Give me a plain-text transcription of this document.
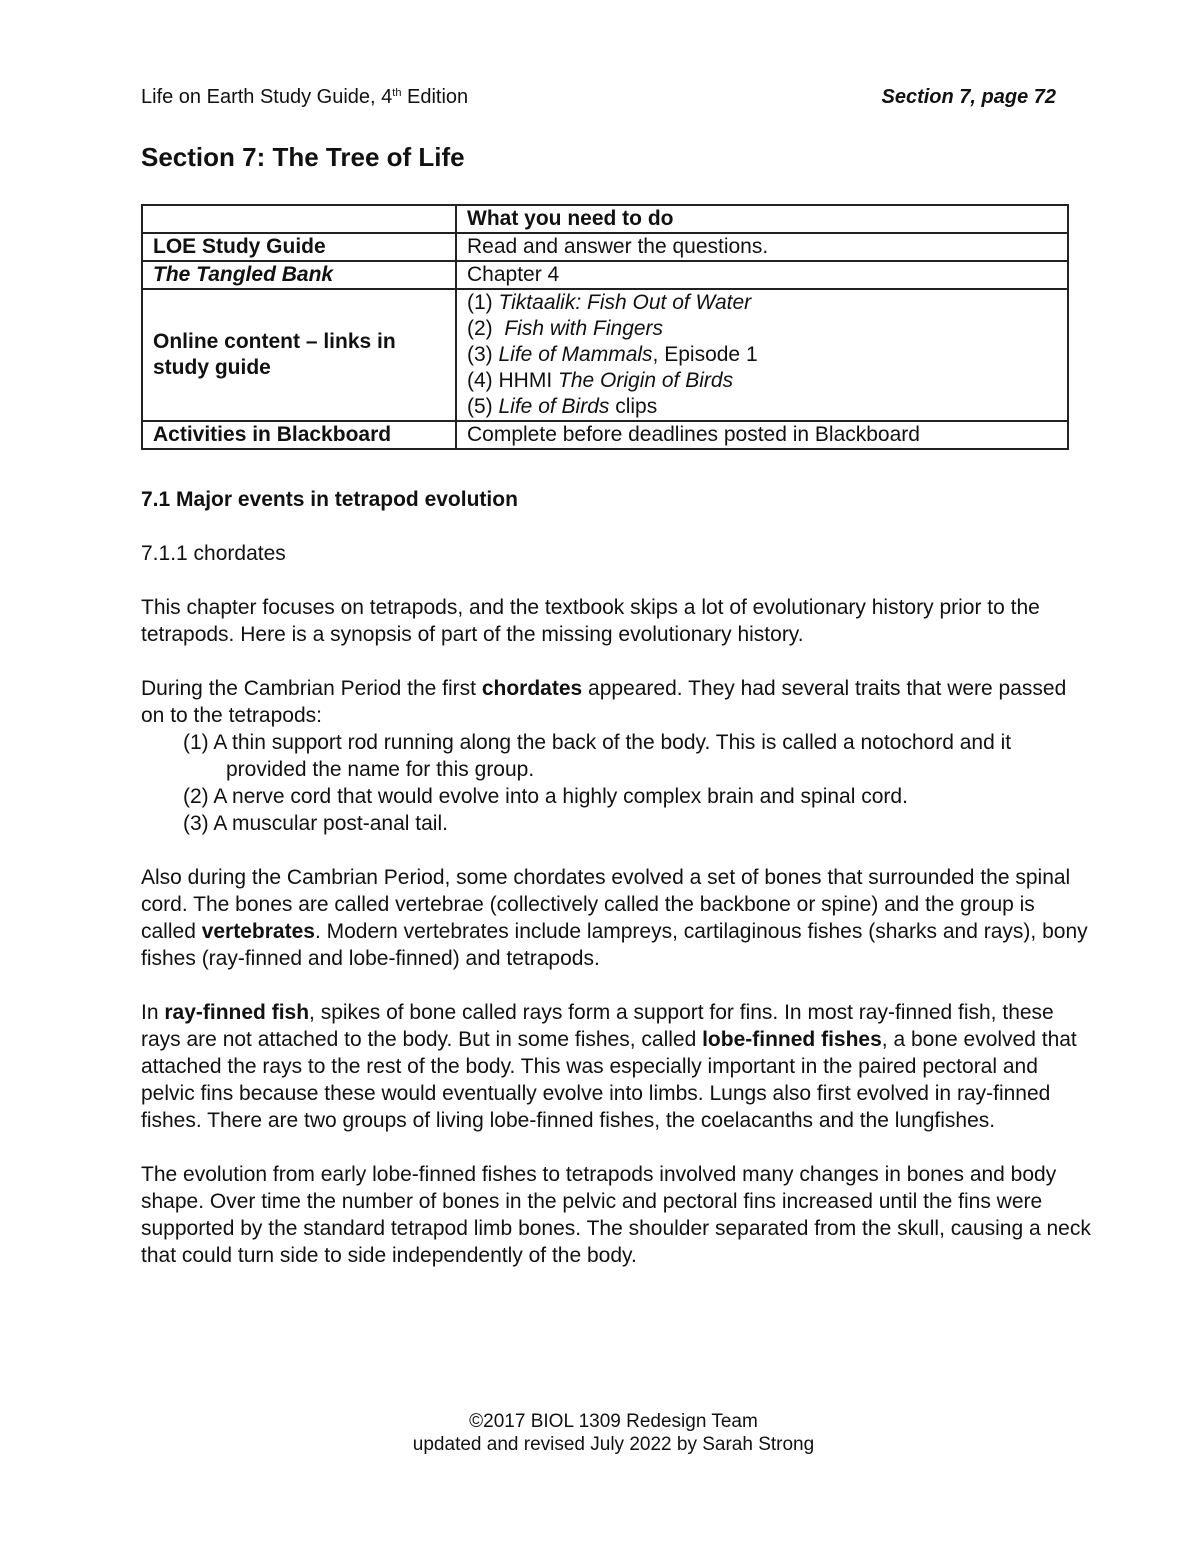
Life on Earth Study Guide, 4th Edition	Section 7, page 72
Section 7: The Tree of Life
	What you need to do
LOE Study Guide	Read and answer the questions.
The Tangled Bank	Chapter 4
Online content – links in study guide	(1) Tiktaalik: Fish Out of Water
(2)  Fish with Fingers
(3) Life of Mammals, Episode 1
(4) HHMI The Origin of Birds
(5) Life of Birds clips

Activities in Blackboard	Complete before deadlines posted in Blackboard
7.1 Major events in tetrapod evolution

7.1.1 chordates

This chapter focuses on tetrapods, and the textbook skips a lot of evolutionary history prior to the tetrapods. Here is a synopsis of part of the missing evolutionary history.

During the Cambrian Period the first chordates appeared. They had several traits that were passed on to the tetrapods:

(1) A thin support rod running along the back of the body. This is called a notochord and it provided the name for this group.
(2) A nerve cord that would evolve into a highly complex brain and spinal cord.
(3) A muscular post-anal tail.

Also during the Cambrian Period, some chordates evolved a set of bones that surrounded the spinal cord. The bones are called vertebrae (collectively called the backbone or spine) and the group is called vertebrates. Modern vertebrates include lampreys, cartilaginous fishes (sharks and rays), bony fishes (ray-finned and lobe-finned) and tetrapods.

In ray-finned fish, spikes of bone called rays form a support for fins. In most ray-finned fish, these rays are not attached to the body. But in some fishes, called lobe-finned fishes, a bone evolved that attached the rays to the rest of the body. This was especially important in the paired pectoral and pelvic fins because these would eventually evolve into limbs. Lungs also first evolved in ray-finned fishes. There are two groups of living lobe-finned fishes, the coelacanths and the lungfishes.

The evolution from early lobe-finned fishes to tetrapods involved many changes in bones and body shape. Over time the number of bones in the pelvic and pectoral fins increased until the fins were supported by the standard tetrapod limb bones. The shoulder separated from the skull, causing a neck that could turn side to side independently of the body.

©2017 BIOL 1309 Redesign Team
updated and revised July 2022 by Sarah Strong
